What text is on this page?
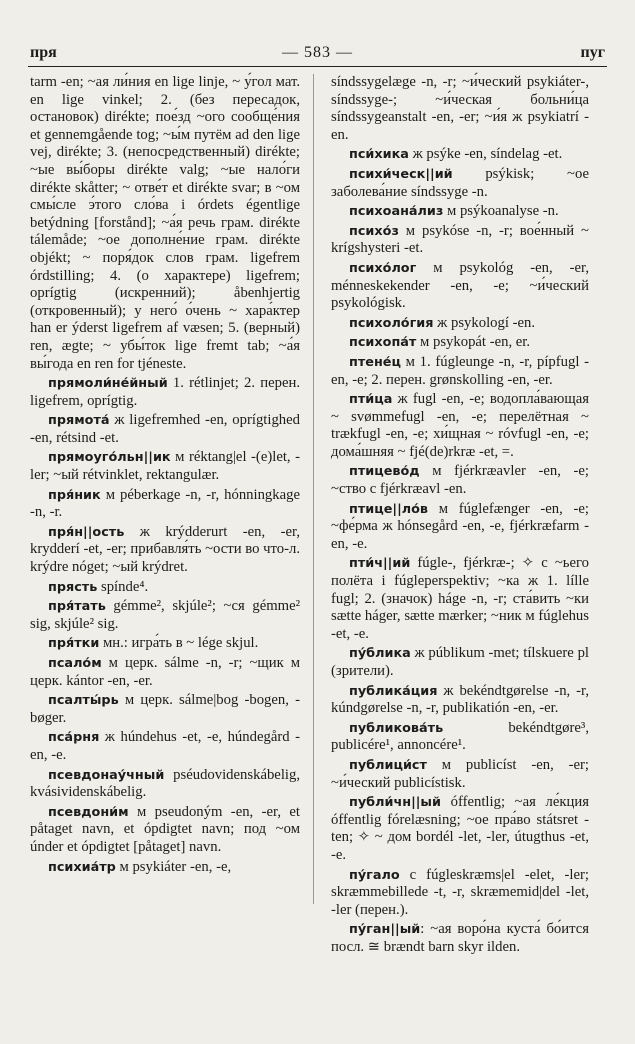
пря	— 583 —	пуг
tarm -en; ~ая ли́ния en lige linje, ~ у́гол мат. en lige vinkel; 2. (без пересадок, остановок) dirékte; пое́зд ~ого сообще́ния et gennemgående tog; ~ы́м путём ad den lige vej, dirékte; 3. (непосредственный) dirékte; ~ые вы́боры dirékte valg; ~ые нало́ги dirékte skåtter; ~ отве́т et dirékte svar; в ~ом смы́сле э́того сло́ва i órdets égentlige betýdning [forstånd]; ~а́я речь грам. dirékte tálemåde; ~ое дополне́ние грам. dirékte objékt; ~ поря́док слов грам. ligefrem órdstilling; 4. (о характере) ligefrem; oprígtig (искренний); åbenhjertig (откровенный); у него́ о́чень ~ хара́ктер han er ýderst ligefrem af væsen; 5. (верный) ren, ægte; ~ убы́ток lige fremt tab; ~а́я вы́года en ren for tjéneste.
прямоли́не́йный 1. rétlinjet; 2. перен. ligefrem, oprígtig.
прямота́ ж ligefremhed -en, oprígtighed -en, rétsind -et.
прямоуго́льн||ик м réktang|el -(e)let, -ler; ~ый rétvinklet, rektangulær.
пря́ник м péberkage -n, -r, hónningkage -n, -r.
пря́н||ость ж krýdderurt -en, -er, krydderí -et, -er; прибавля́ть ~ости во что-л. krýdre nóget; ~ый krýdret.
прясть spínde⁴.
пря́тать gémme², skjúle²; ~ся gémme² sig, skjúle² sig.
пря́тки мн.: игра́ть в ~ lége skjul.
псало́м м церк. sálme -n, -r; ~щик м церк. kántor -en, -er.
псалты́рь м церк. sálme|bog -bogen, -bøger.
пса́рня ж húndehus -et, -e, húndegård -en, -e.
псевдонау́чный pséudovidenskábelig, kvásividenskábelig.
псевдони́м м pseudoným -en, -er, et påtaget navn, et ópdigtet navn; под ~ом únder et ópdigtet [påtaget] navn.
психиа́тр м psykiáter -en, -e,
síndssygelæge -n, -r; ~и́ческий psykiáter-, síndssyge-; ~и́ческая больни́ца síndssygeanstalt -en, -er; ~и́я ж psykiatrí -en.
пси́хика ж psýke -en, síndelag -et.
психи́ческ||ий psýkisk; ~ое заболева́ние síndssyge -n.
психоана́лиз м psýkoanalyse -n.
психо́з м psykóse -n, -r; вое́нный ~ krígshysteri -et.
психо́лог м psykológ -en, -er, ménneskekender -en, -e; ~и́ческий psykológisk.
психоло́гия ж psykologí -en.
психопа́т м psykopát -en, er.
птене́ц м 1. fúgleunge -n, -r, pípfugl -en, -e; 2. перен. grønskolling -en, -er.
пти́ца ж fugl -en, -e; водопла́вающая ~ svømmefugl -en, -e; перелётная ~ trækfugl -en, -e; хи́щная ~ róvfugl -en, -e; дома́шняя ~ fjé(de)rkræ -et, =.
птицево́д м fjérkræavler -en, -e; ~ство с fjérkræavl -en.
птице||ло́в м fúglefænger -en, -e; ~фе́рма ж hónsegård -en, -e, fjérkræfarm -en, -e.
пти́ч||ий fúgle-, fjérkræ-; ✧ с ~ьего полёта i fúgleperspektiv; ~ка ж 1. lílle fugl; 2. (значок) háge -n, -r; ста́вить ~ки sætte háger, sætte mærker; ~ник м fúglehus -et, -e.
пу́блика ж públikum -met; tílskuere pl (зрители).
публика́ция ж bekéndtgørelse -n, -r, kúndgørelse -n, -r, publikatión -en, -er.
публикова́ть bekéndtgøre³, publicére¹, annoncére¹.
публици́ст м publicíst -en, -er; ~и́ческий publicístisk.
публи́чн||ый óffentlig; ~ая ле́кция óffentlig fórelæsning; ~ое пра́во státsret -ten; ✧ ~ дом bordél -let, -ler, útugthus -et, -e.
пу́гало с fúgleskræms|el -elet, -ler; skræmmebillede -t, -r, skræmemid|del -let, -ler (перен.).
пу́ган||ый: ~ая воро́на куста́ бо́ится посл. ≅ brændt barn skyr ilden.
